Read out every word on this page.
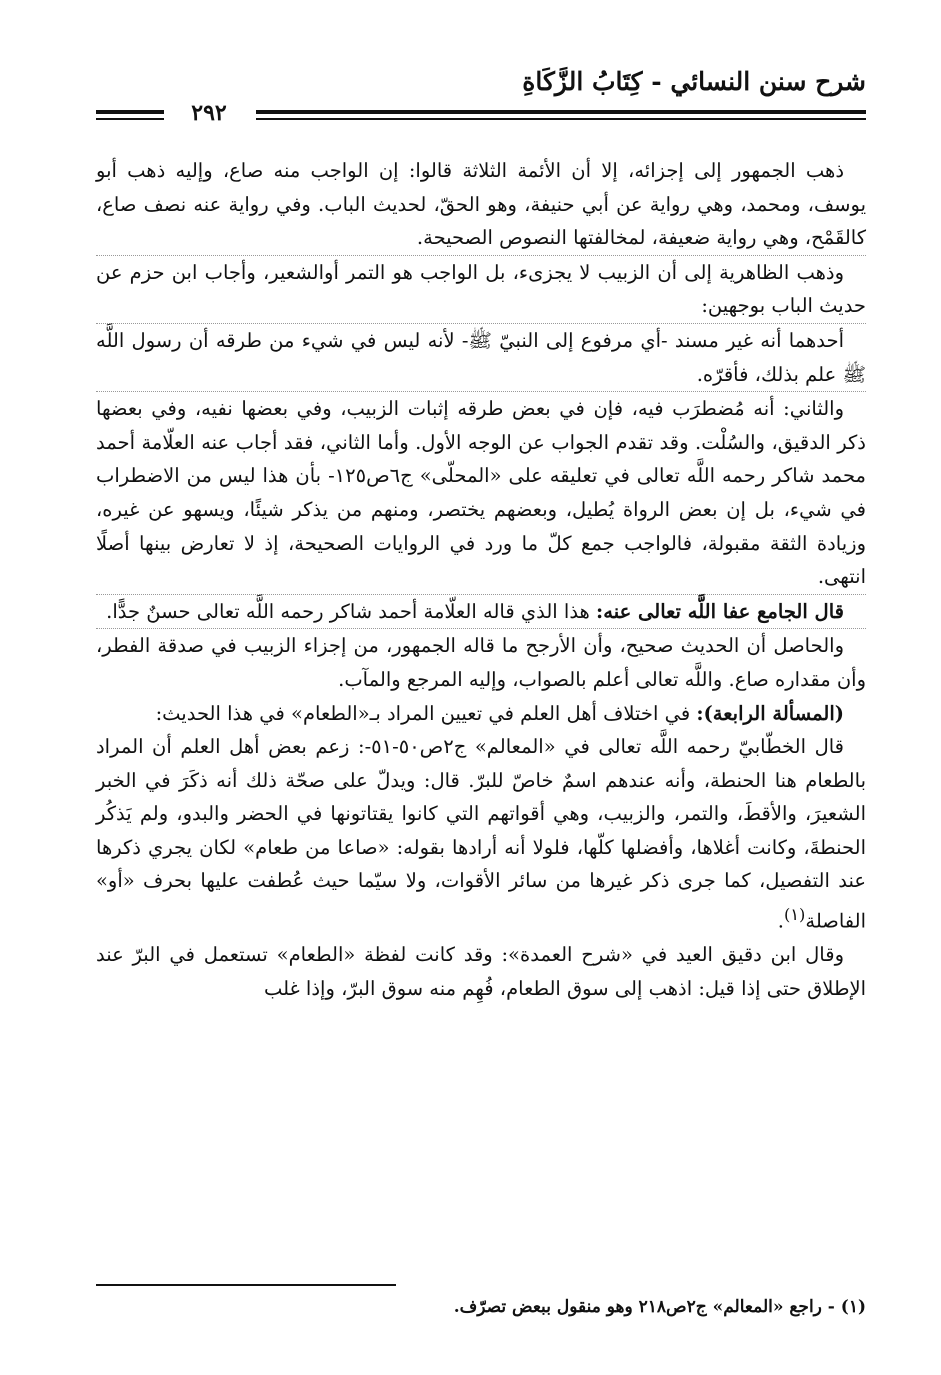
شرح سنن النسائي - كِتَابُ الزَّكَاةِ
٢٩٢

ذهب الجمهور إلى إجزائه، إلا أن الأئمة الثلاثة قالوا: إن الواجب منه صاع، وإليه ذهب أبو يوسف، ومحمد، وهي رواية عن أبي حنيفة، وهو الحقّ، لحديث الباب. وفي رواية عنه نصف صاع، كالقَمْح، وهي رواية ضعيفة، لمخالفتها النصوص الصحيحة.

وذهب الظاهرية إلى أن الزبيب لا يجزىء، بل الواجب هو التمر أوالشعير، وأجاب ابن حزم عن حديث الباب بوجهين:

أحدهما أنه غير مسند -أي مرفوع إلى النبيّ ﷺ- لأنه ليس في شيء من طرقه أن رسول اللَّه ﷺ علم بذلك، فأقرّه.

والثاني: أنه مُضطرَب فيه، فإن في بعض طرقه إثبات الزبيب، وفي بعضها نفيه، وفي بعضها ذكر الدقيق، والسُلْت. وقد تقدم الجواب عن الوجه الأول. وأما الثاني، فقد أجاب عنه العلّامة أحمد محمد شاكر رحمه اللَّه تعالى في تعليقه على «المحلّى» ج٦ص١٢٥- بأن هذا ليس من الاضطراب في شيء، بل إن بعض الرواة يُطيل، وبعضهم يختصر، ومنهم من يذكر شيئًا، ويسهو عن غيره، وزيادة الثقة مقبولة، فالواجب جمع كلّ ما ورد في الروايات الصحيحة، إذ لا تعارض بينها أصلًا انتهى.

قال الجامع عفا اللَّه تعالى عنه: هذا الذي قاله العلّامة أحمد شاكر رحمه اللَّه تعالى حسنٌ جدًّا.

والحاصل أن الحديث صحيح، وأن الأرجح ما قاله الجمهور، من إجزاء الزبيب في صدقة الفطر، وأن مقداره صاع. واللَّه تعالى أعلم بالصواب، وإليه المرجع والمآب.

(المسألة الرابعة): في اختلاف أهل العلم في تعيين المراد بـ«الطعام» في هذا الحديث:

قال الخطّابيّ رحمه اللَّه تعالى في «المعالم» ج٢ص٥٠-٥١-: زعم بعض أهل العلم أن المراد بالطعام هنا الحنطة، وأنه عندهم اسمٌ خاصّ للبرّ. قال: ويدلّ على صحّة ذلك أنه ذكَرَ في الخبر الشعيرَ، والأقطَ، والتمر، والزبيب، وهي أقواتهم التي كانوا يقتاتونها في الحضر والبدو، ولم يَذكُر الحنطةَ، وكانت أغلاها، وأفضلها كلّها، فلولا أنه أرادها بقوله: «صاعا من طعام» لكان يجري ذكرها عند التفصيل، كما جرى ذكر غيرها من سائر الأقوات، ولا سيّما حيث عُطفت عليها بحرف «أو» الفاصلة$^{(١)}$.

وقال ابن دقيق العيد في «شرح العمدة»: وقد كانت لفظة «الطعام» تستعمل في البرّ عند الإطلاق حتى إذا قيل: اذهب إلى سوق الطعام، فُهِم منه سوق البرّ، وإذا غلب

(١) - راجع «المعالم» ج٢ص٢١٨ وهو منقول ببعض تصرّف.
